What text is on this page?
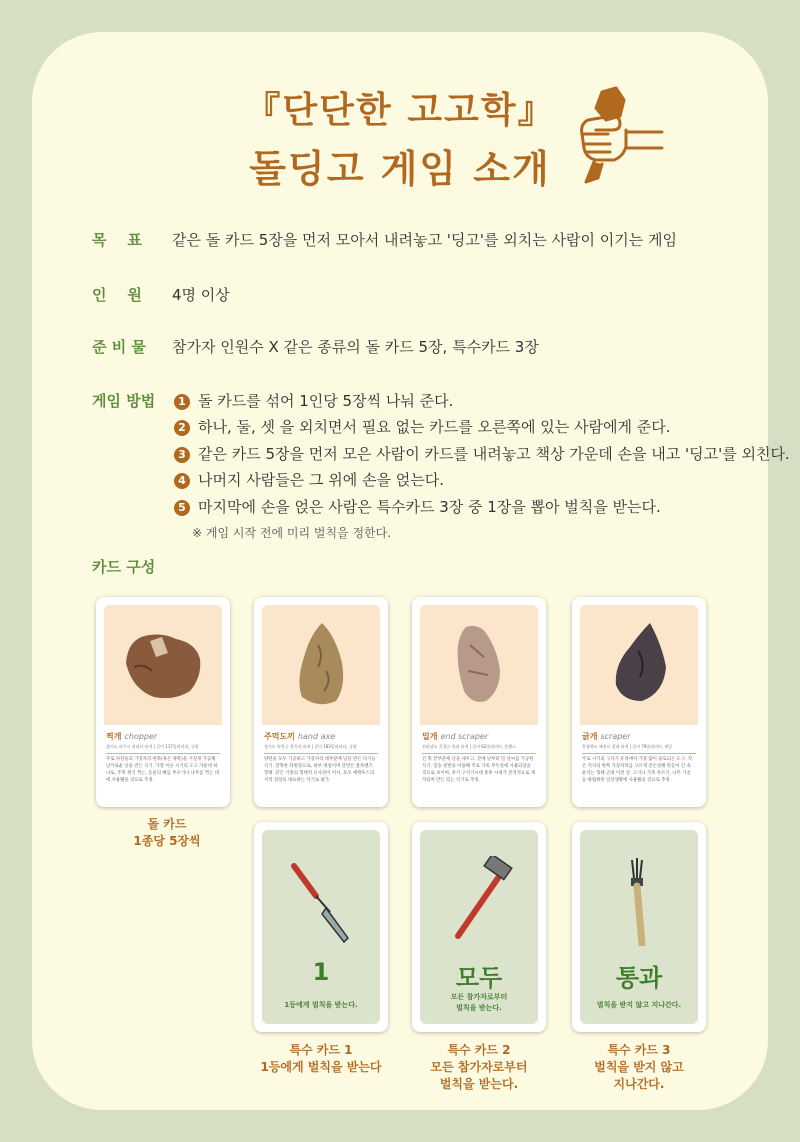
『단단한 고고학』
돌딩고 게임 소개
목    표	같은 돌 카드 5장을 먼저 모아서 내려놓고 '딩고'를 외치는 사람이 이기는 게임
인    원	4명 이상
준 비 물	참가자 인원수 X 같은 종류의 돌 카드 5장, 특수카드 3장
게임 방법	1 돌 카드를 섞어 1인당 5장씩 나눠 준다.
2 하나, 둘, 셋 을 외치면서 필요 없는 카드를 오른쪽에 있는 사람에게 준다.
3 같은 카드 5장을 먼저 모은 사람이 카드를 내려놓고 책상 가운데 손을 내고 '딩고'를 외친다.
4 나머지 사람들은 그 위에 손을 얹는다.
5 마지막에 손을 얹은 사람은 특수카드 3장 중 1장을 뽑아 벌칙을 받는다.
※ 게임 시작 전에 미리 벌칙을 정한다.
카드 구성
찍개 chopper
경기도 파주시 관리터 유적 | 길이 117밀리미터, 규암
주로 자갈돌의 가장자리 한쪽(혹은 양쪽)을 거칠게 가공해 날카로운 날을 만든 석기. 가장 이른 시기의 도구 가운데 하나로, 주먹 쥐기 찍는, 동물의 뼈를 부수거나 나무를 찍는 데에 사용됐을 것으로 추정.
주먹도끼 hand axe
경기도 연천군 전곡리 유적 | 길이 183밀리미터, 규암
양면을 모두 가공하고 가장자리 대부분에 날을 만든 다기능 석기. 갈쭉한 타원형으로, 하부 대칭이며 단면은 볼록렌즈 형태. 같은 기종의 형태적 유사성이 커서, 호모 에렉투스의 지적 성장을 대표하는 석기로 평가.
밀개 end scraper
전라남도 곡성군 옥과 유적 | 길이 62밀리미터, 혼펠스
긴 쪽 끝부분에 날을 세우고, 끝에 날부터 밀 날씨를 가공한 석기. 짐승 뒷발을 이용해 주로 가죽 무두질에 사용되었을 것으로 보이며, 후기 구석기시대 중후 시대가 본격적으로 제작되며 만든 있는 석기로 추정.
긁개 scraper
충청북도 제천시 창내 유적 | 길이 79밀리미터, 셰일
주로 시가의 구석기 유적에서 가장 많이 출토되는 도구. 작은 격지의 한쪽 가장자리를 고르게 잔손질해 만들어 긴 속 운석는 형태 근대 이전 날. 고기나 가죽 자르기, 나무 가공 등 광범위한 일상생활에 사용됐을 것으로 추정.
돌 카드
1종당 5장씩
1
1등에게 벌칙을 받는다.
모두
모든 참가자로부터
벌칙을 받는다.
통과
벌칙을 받지 않고 지나간다.
특수 카드 1
1등에게 벌칙을 받는다
특수 카드 2
모든 참가자로부터
벌칙을 받는다.
특수 카드 3
벌칙을 받지 않고
지나간다.
